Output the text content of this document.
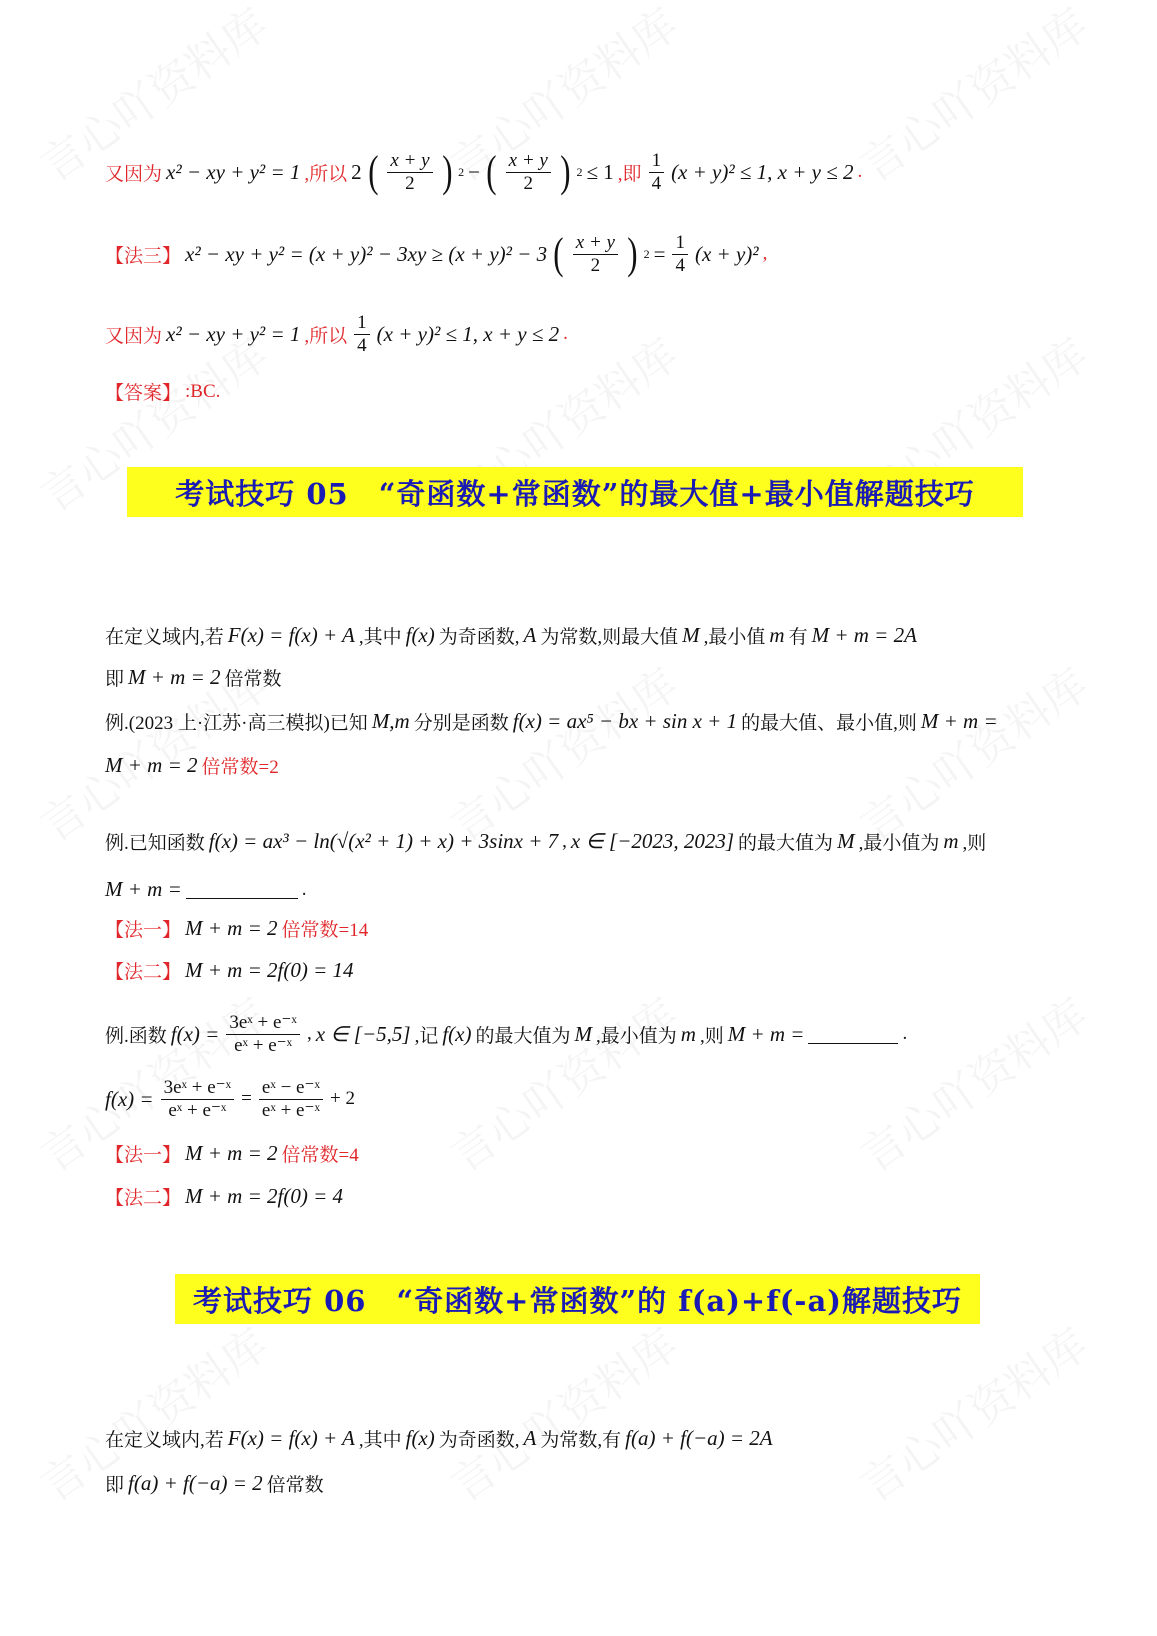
又因为 x² − xy + y² = 1 ,所以 2 ( $\frac{x + y}{2}$ ) 2 − ( $\frac{x + y}{2}$ ) 2 ≤ 1 ,即 $\frac{1}{4} (x + y)^2 \le 1$, x + y ≤ 2 .
【法三】 x² − xy + y² = (x + y)² − 3xy ≥ (x + y)² − 3 ( $\frac{x + y}{2}$ ) $2 = \frac{1}{4} (x + y)^2$ ,
又因为 x² − xy + y² = 1 ,所以 $\frac{1}{4} (x + y)^2 \le 1$, x + y ≤ 2 .
【答案】 :BC.
考试技巧 05　“奇函数+常函数”的最大值+最小值解题技巧
在定义域内,若 F(x) = f(x) + A ,其中 f(x) 为奇函数, A 为常数,则最大值 M ,最小值 m 有 M + m = 2A
即 M + m = 2 倍常数
例.(2023 上·江苏·高三模拟)已知 M,m 分别是函数 f(x) = ax⁵ − bx + sin x + 1 的最大值、最小值,则 M + m =
M + m = 2 倍常数=2
例.已知函数 f(x) = ax³ − ln(√(x² + 1) + x) + 3sinx + 7 , x ∈ [−2023, 2023] 的最大值为 M ,最小值为 m ,则
M + m =	.
【法一】 M + m = 2 倍常数=14
【法二】 M + m = 2f(0) = 14
例.函数 $f(x) = \frac{\text{3eˣ + e⁻ˣ}}{\text{eˣ + e⁻ˣ}}$ , x ∈ [−5,5] ,记 f(x) 的最大值为 M ,最小值为 m ,则 M + m =	.
$f(x) = \frac{\text{3eˣ + e⁻ˣ}}{\text{eˣ + e⁻ˣ}} = \frac{\text{eˣ − e⁻ˣ}}{\text{eˣ + e⁻ˣ}} + 2$
【法一】 M + m = 2 倍常数=4
【法二】 M + m = 2f(0) = 4
考试技巧 06　“奇函数+常函数”的 f(a)+f(-a)解题技巧
在定义域内,若 F(x) = f(x) + A ,其中 f(x) 为奇函数, A 为常数,有 f(a) + f(−a) = 2A
即 f(a) + f(−a) = 2 倍常数
